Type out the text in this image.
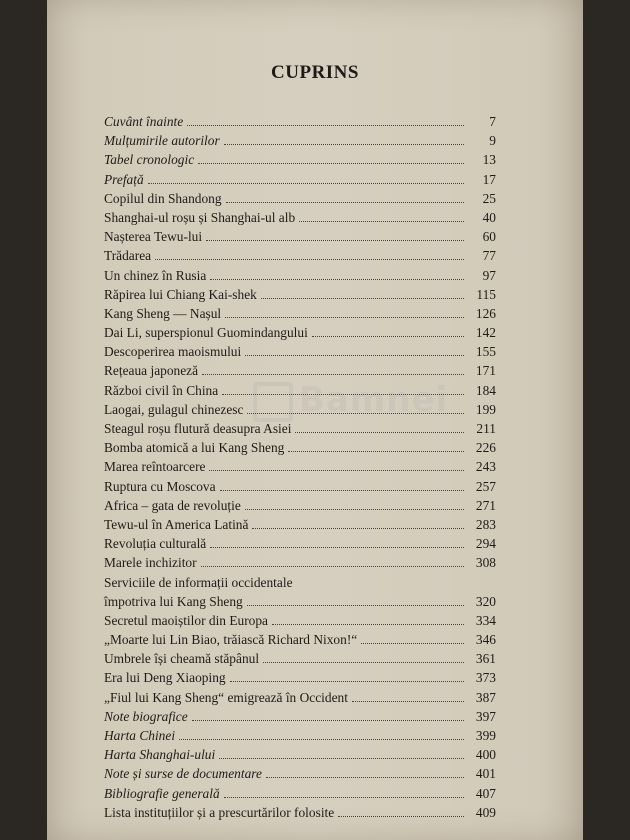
Bamnei
CUPRINS
Cuvânt înainte	7
Mulțumirile autorilor	9
Tabel cronologic	13
Prefață	17
Copilul din Shandong	25
Shanghai-ul roșu și Shanghai-ul alb	40
Nașterea Tewu-lui	60
Trădarea	77
Un chinez în Rusia	97
Răpirea lui Chiang Kai-shek	115
Kang Sheng — Nașul	126
Dai Li, superspionul Guomindangului	142
Descoperirea maoismului	155
Rețeaua japoneză	171
Război civil în China	184
Laogai, gulagul chinezesc	199
Steagul roșu flutură deasupra Asiei	211
Bomba atomică a lui Kang Sheng	226
Marea reîntoarcere	243
Ruptura cu Moscova	257
Africa – gata de revoluție	271
Tewu-ul în America Latină	283
Revoluția culturală	294
Marele inchizitor	308
Serviciile de informații occidentale
împotriva lui Kang Sheng	320
Secretul maoiștilor din Europa	334
„Moarte lui Lin Biao, trăiască Richard Nixon!“	346
Umbrele își cheamă stăpânul	361
Era lui Deng Xiaoping	373
„Fiul lui Kang Sheng“ emigrează în Occident	387
Note biografice	397
Harta Chinei	399
Harta Shanghai-ului	400
Note și surse de documentare	401
Bibliografie generală	407
Lista instituțiilor și a prescurtărilor folosite	409
